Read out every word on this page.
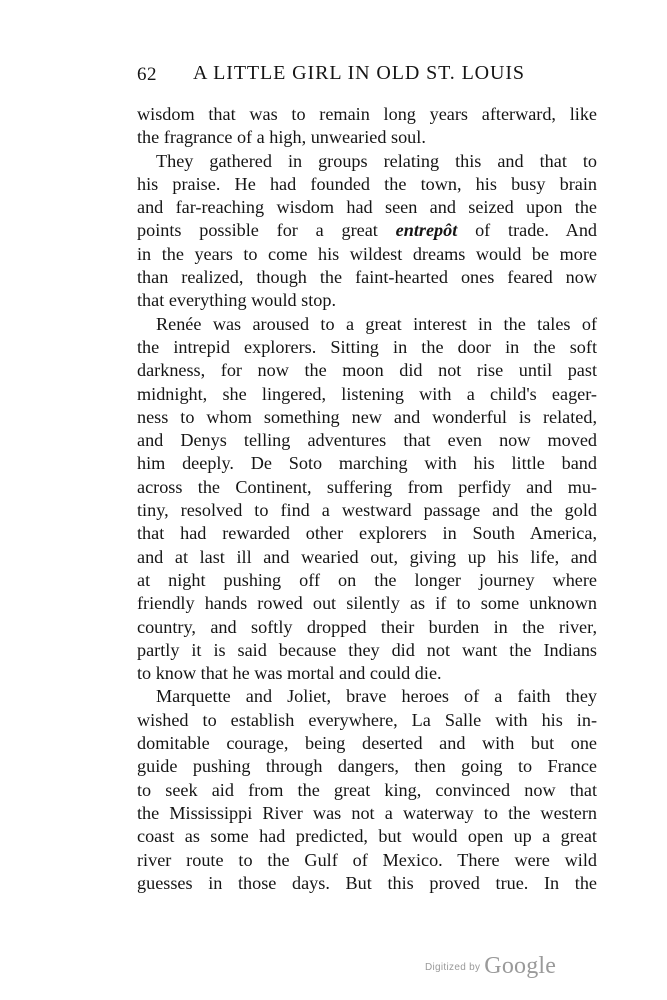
62 A LITTLE GIRL IN OLD ST. LOUIS

wisdom that was to remain long years afterward, like
the fragrance of a high, unwearied soul.

They gathered in groups relating this and that to
his praise. He had founded the town, his busy brain
and far-reaching wisdom had seen and seized upon the
points possible for a great entrepôt of trade. And
in the years to come his wildest dreams would be more
than realized, though the faint-hearted ones feared now
that everything would stop.

Renée was aroused to a great interest in the tales of
the intrepid explorers. Sitting in the door in the soft
darkness, for now the moon did not rise until past
midnight, she lingered, listening with a child's eager-
ness to whom something new and wonderful is related,
and Denys telling adventures that even now moved
him deeply. De Soto marching with his little band
across the Continent, suffering from perfidy and mu-
tiny, resolved to find a westward passage and the gold
that had rewarded other explorers in South America,
and at last ill and wearied out, giving up his life, and
at night pushing off on the longer journey where
friendly hands rowed out silently as if to some unknown
country, and softly dropped their burden in the river,
partly it is said because they did not want the Indians
to know that he was mortal and could die.

Marquette and Joliet, brave heroes of a faith they
wished to establish everywhere, La Salle with his in-
domitable courage, being deserted and with but one
guide pushing through dangers, then going to France
to seek aid from the great king, convinced now that
the Mississippi River was not a waterway to the western
coast as some had predicted, but would open up a great
river route to the Gulf of Mexico. There were wild
guesses in those days. But this proved true. In the

Digitized by Google
